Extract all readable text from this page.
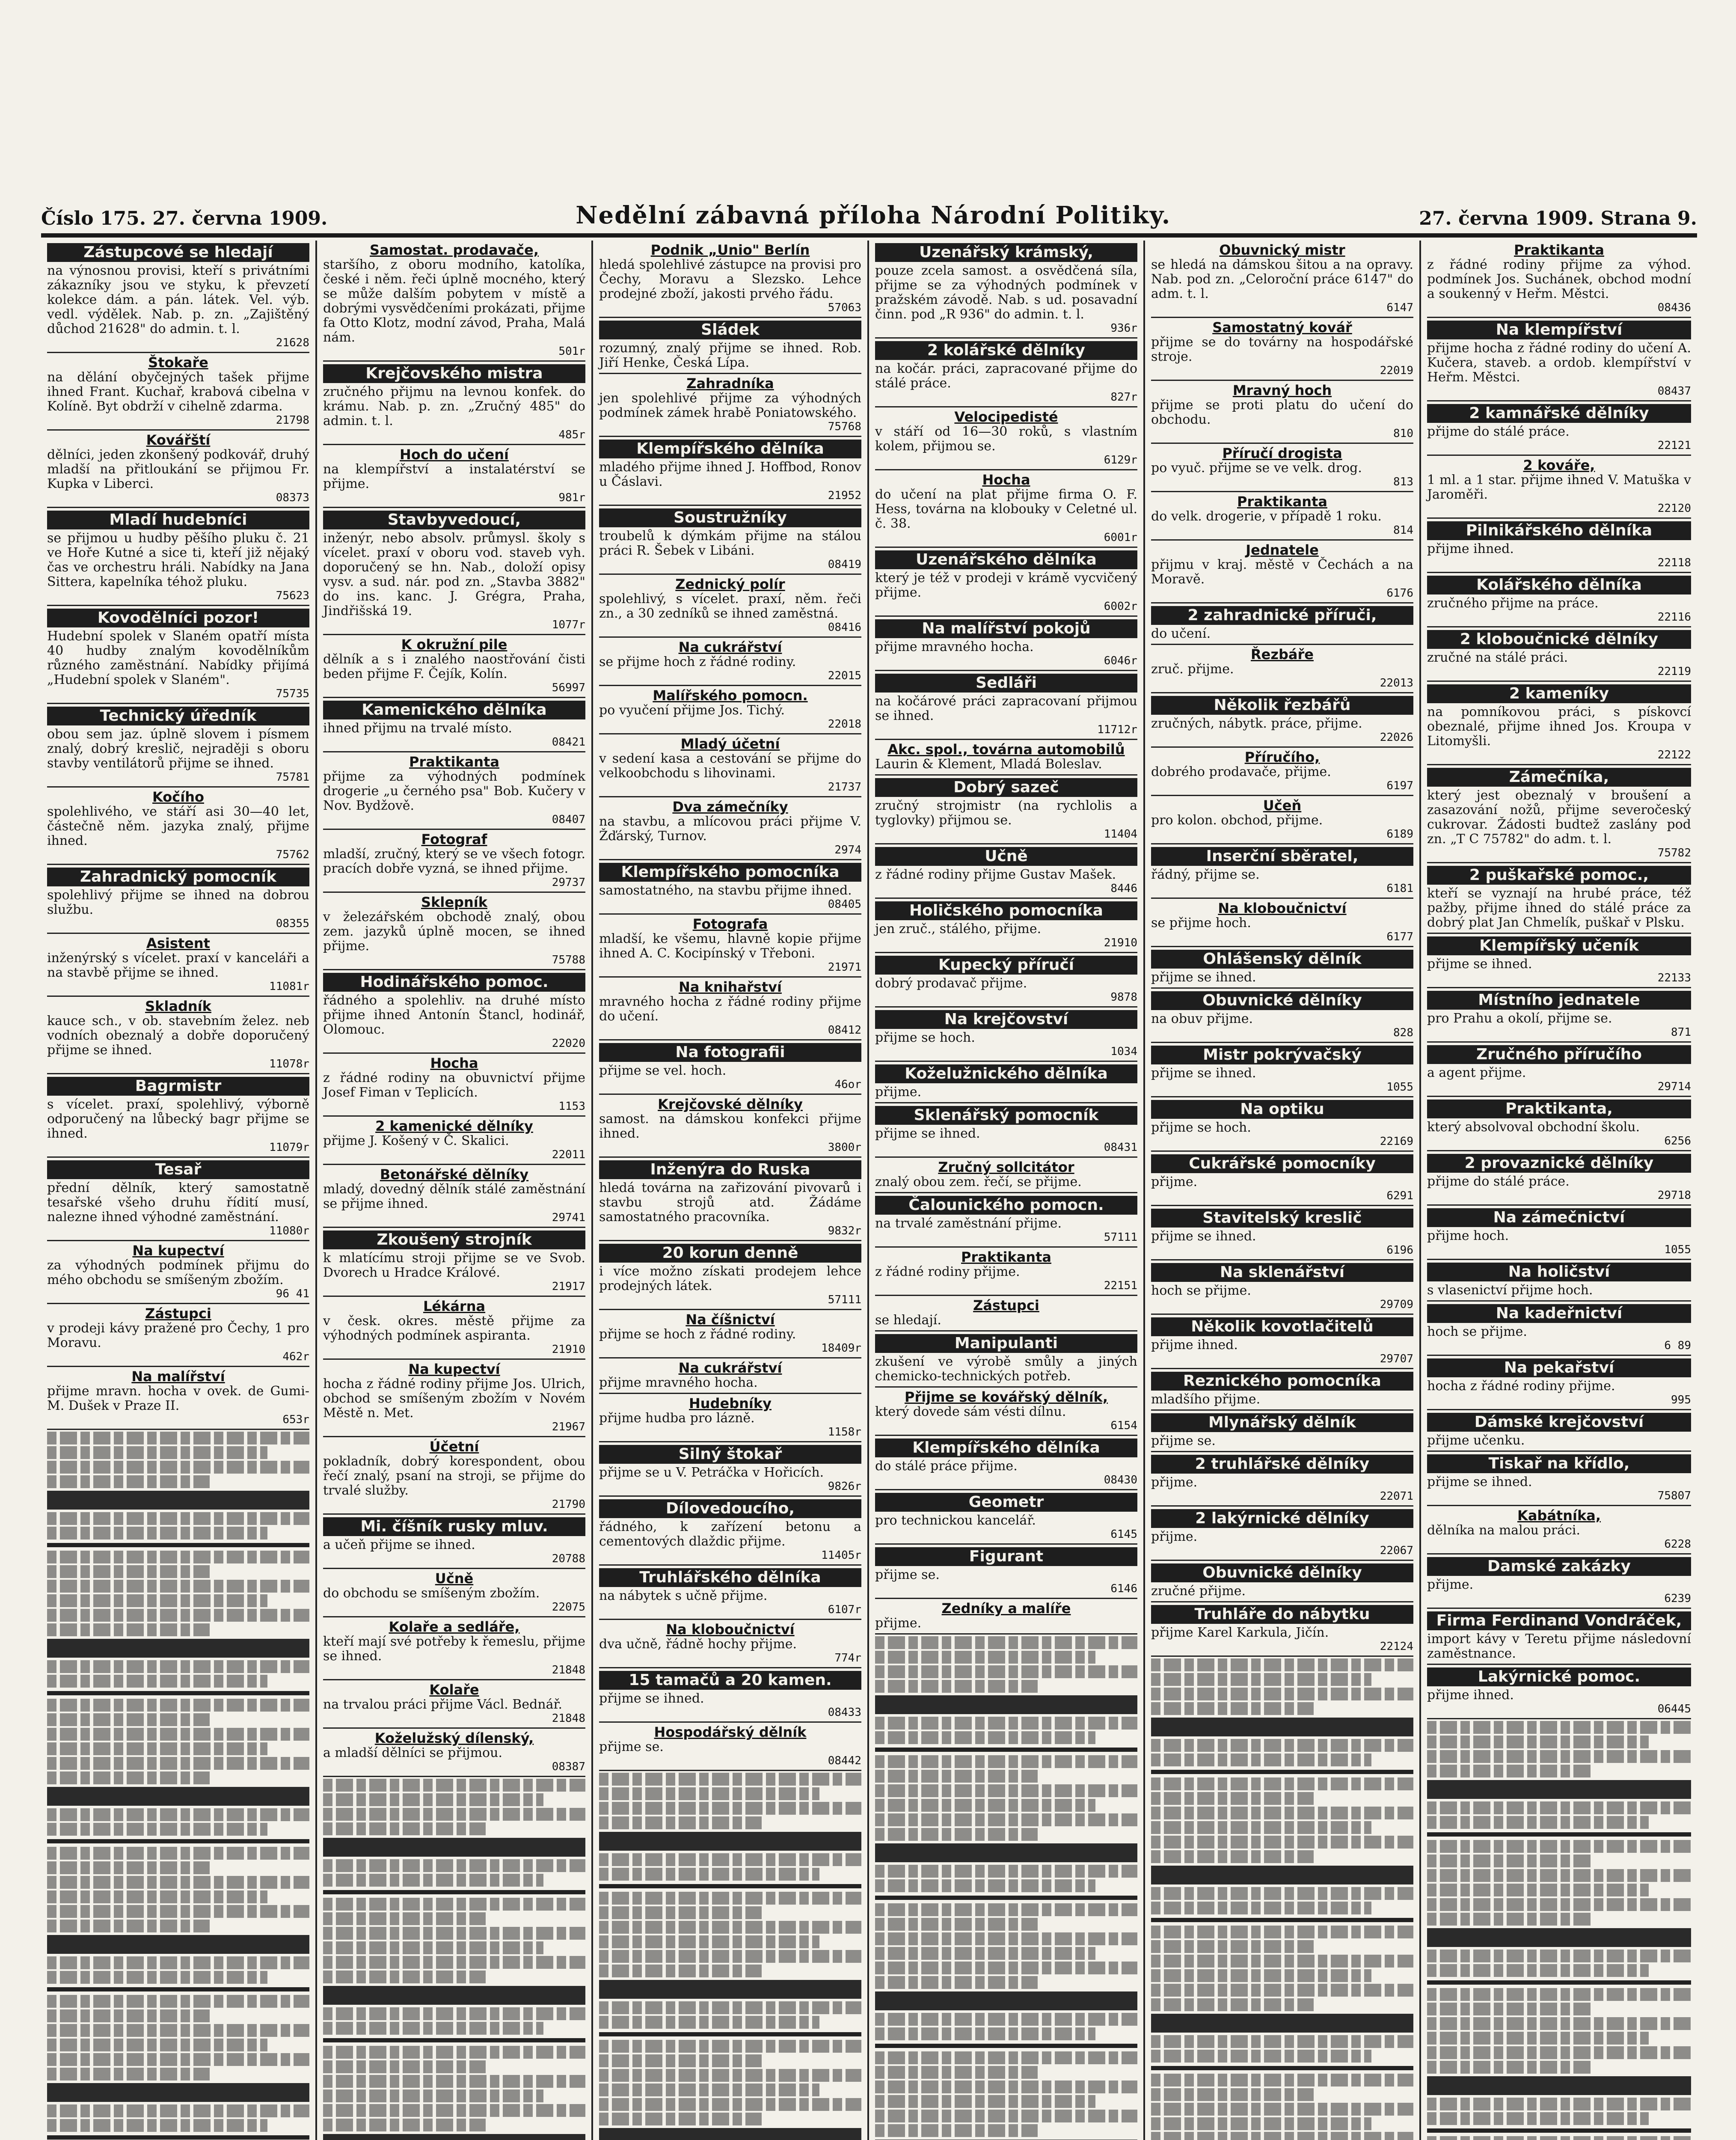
Číslo 175. 27. června 1909.	Nedělní zábavná příloha Národní Politiky.	27. června 1909. Strana 9.
Zástupcové se hledají
na výnosnou provisi, kteří s privátními zákazníky jsou ve styku, k převzetí kolekce dám. a pán. látek. Vel. výb. vedl. výdělek. Nab. p. zn. „Zajištěný důchod 21628" do admin. t. l.
21628
Štokaře
na dělání obyčejných tašek přijme ihned Frant. Kuchař, krabová cibelna v Kolíně. Byt obdrží v cihelně zdarma.
21798
Kovářští
dělníci, jeden zkonšený podkovář, druhý mladší na přitloukání se přijmou Fr. Kupka v Liberci.
08373
Mladí hudebníci
se přijmou u hudby pěšího pluku č. 21 ve Hoře Kutné a sice ti, kteří již nějaký čas ve orchestru hráli. Nabídky na Jana Sittera, kapelníka téhož pluku.
75623
Kovodělníci pozor!
Hudební spolek v Slaném opatří místa 40 hudby znalým kovodělníkům různého zaměstnání. Nabídky přijímá „Hudební spolek v Slaném".
75735
Technický úředník
obou sem jaz. úplně slovem i písmem znalý, dobrý kreslič, nejraději s oboru stavby ventilátorů přijme se ihned.
75781
Kočího
spolehlivého, ve stáří asi 30—40 let, částečně něm. jazyka znalý, přijme ihned.
75762
Zahradnický pomocník
spolehlivý přijme se ihned na dobrou službu.
08355
Asistent
inženýrský s vícelet. praxí v kanceláři a na stavbě přijme se ihned.
11081r
Skladník
kauce sch., v ob. stavebním želez. neb vodních obeznalý a dobře doporučený přijme se ihned.
11078r
Bagrmistr
s vícelet. praxí, spolehlivý, výborně odporučený na lůbecký bagr přijme se ihned.
11079r
Tesař
přední dělník, který samostatně tesařské všeho druhu řídití musí, nalezne ihned výhodné zaměstnání.
11080r
Na kupectví
za výhodných podmínek přijmu do mého obchodu se smíšeným zbožím.
96 41
Zástupci
v prodeji kávy pražené pro Čechy, 1 pro Moravu.
462r
Na malířství
přijme mravn. hocha v ovek. de Gumi-M. Dušek v Praze II.
653r
Samostat. prodavače,
staršího, z oboru modního, katolíka, české i něm. řeči úplně mocného, který se může dalším pobytem v místě a dobrými vysvědčeními prokázati, přijme fa Otto Klotz, modní závod, Praha, Malá nám.
501r
Krejčovského mistra
zručného přijmu na levnou konfek. do krámu. Nab. p. zn. „Zručný 485" do admin. t. l.
485r
Hoch do učení
na klempířství a instalatérství se přijme.
981r
Stavbyvedoucí,
inženýr, nebo absolv. průmysl. školy s vícelet. praxí v oboru vod. staveb vyh. doporučený se hn. Nab., doloží opisy vysv. a sud. nár. pod zn. „Stavba 3882" do ins. kanc. J. Grégra, Praha, Jindřišská 19.
1077r
K okružní pile
dělník a s i znalého naostřování čisti beden přijme F. Čejík, Kolín.
56997
Kamenického dělníka
ihned přijmu na trvalé místo.
08421
Praktikanta
přijme za výhodných podmínek drogerie „u černého psa" Bob. Kučery v Nov. Bydžově.
08407
Fotograf
mladší, zručný, který se ve všech fotogr. pracích dobře vyzná, se ihned přijme.
29737
Sklepník
v železářském obchodě znalý, obou zem. jazyků úplně mocen, se ihned přijme.
75788
Hodinářského pomoc.
řádného a spolehliv. na druhé místo přijme ihned Antonín Štancl, hodinář, Olomouc.
22020
Hocha
z řádné rodiny na obuvnictví přijme Josef Fiman v Teplicích.
1153
2 kamenické dělníky
přijme J. Košený v Č. Skalici.
22011
Betonářské dělníky
mladý, dovedný dělník stálé zaměstnání se přijme ihned.
29741
Zkoušený strojník
k mlatícímu stroji přijme se ve Svob. Dvorech u Hradce Králové.
21917
Lékárna
v česk. okres. městě přijme za výhodných podmínek aspiranta.
21910
Na kupectví
hocha z řádné rodiny přijme Jos. Ulrich, obchod se smíšeným zbožím v Novém Městě n. Met.
21967
Účetní
pokladník, dobrý korespondent, obou řečí znalý, psaní na stroji, se přijme do trvalé služby.
21790
Mi. číšník rusky mluv.
a učeň přijme se ihned.
20788
Učně
do obchodu se smíšeným zbožím.
22075
Kolaře a sedláře,
kteří mají své potřeby k řemeslu, přijme se ihned.
21848
Kolaře
na trvalou práci přijme Václ. Bednář.
21848
Koželužský dílenský,
a mladší dělníci se přijmou.
08387
Podnik „Unio" Berlín
hledá spolehlivé zástupce na provisi pro Čechy, Moravu a Slezsko. Lehce prodejné zboží, jakosti prvého řádu.
57063
Sládek
rozumný, znalý přijme se ihned. Rob. Jiří Henke, Česká Lípa.
Zahradníka
jen spolehlivé přijme za výhodných podmínek zámek hrabě Poniatowského.
75768
Klempířského dělníka
mladého přijme ihned J. Hoffbod, Ronov u Čáslavi.
21952
Soustružníky
troubelů k dýmkám přijme na stálou práci R. Šebek v Libáni.
08419
Zednický polír
spolehlivý, s vícelet. praxí, něm. řeči zn., a 30 zedníků se ihned zaměstná.
08416
Na cukrářství
se přijme hoch z řádné rodiny.
22015
Malířského pomocn.
po vyučení přijme Jos. Tichý.
22018
Mladý účetní
v sedení kasa a cestování se přijme do velkoobchodu s lihovinami.
21737
Dva zámečníky
na stavbu, a mlícovou práci přijme V. Žďárský, Turnov.
2974
Klempířského pomocníka
samostatného, na stavbu přijme ihned.
08405
Fotografa
mladší, ke všemu, hlavně kopie přijme ihned A. C. Kocipínský v Třeboni.
21971
Na knihařství
mravného hocha z řádné rodiny přijme do učení.
08412
Na fotografii
přijme se vel. hoch.
46or
Krejčovské dělníky
samost. na dámskou konfekci přijme ihned.
3800r
Inženýra do Ruska
hledá továrna na zařizování pivovarů i stavbu strojů atd. Žádáme samostatného pracovníka.
9832r
20 korun denně
i více možno získati prodejem lehce prodejných látek.
57111
Na číšnictví
přijme se hoch z řádné rodiny.
18409r
Na cukrářství
přijme mravného hocha.
Hudebníky
přijme hudba pro lázně.
1158r
Silný štokař
přijme se u V. Petráčka v Hořicích.
9826r
Dílovedoucího,
řádného, k zařízení betonu a cementových dlaždic přijme.
11405r
Truhlářského dělníka
na nábytek s učně přijme.
6107r
Na kloboučnictví
dva učně, řádně hochy přijme.
774r
15 tamačů a 20 kamen.
přijme se ihned.
08433
Hospodářský dělník
přijme se.
08442
Uzenářský krámský,
pouze zcela samost. a osvědčená síla, přijme se za výhodných podmínek v pražském závodě. Nab. s ud. posavadní činn. pod „R 936" do admin. t. l.
936r
2 kolářské dělníky
na kočár. práci, zapracované přijme do stálé práce.
827r
Velocipedisté
v stáří od 16—30 roků, s vlastním kolem, přijmou se.
6129r
Hocha
do učení na plat přijme firma O. F. Hess, továrna na klobouky v Celetné ul. č. 38.
6001r
Uzenářského dělníka
který je též v prodeji v krámě vycvičený přijme.
6002r
Na malířství pokojů
přijme mravného hocha.
6046r
Sedláři
na kočárové práci zapracovaní přijmou se ihned.
11712r
Akc. spol., továrna automobilů
Laurin & Klement, Mladá Boleslav.
Dobrý sazeč
zručný strojmistr (na rychlolis a tyglovky) přijmou se.
11404
Učně
z řádné rodiny přijme Gustav Mašek.
8446
Holičského pomocníka
jen zruč., stálého, přijme.
21910
Kupecký příručí
dobrý prodavač přijme.
9878
Na krejčovství
přijme se hoch.
1034
Koželužnického dělníka
přijme.
Sklenářský pomocník
přijme se ihned.
08431
Zručný sollcitátor
znalý obou zem. řečí, se přijme.
Čalounického pomocn.
na trvalé zaměstnání přijme.
57111
Praktikanta
z řádné rodiny přijme.
22151
Zástupci
se hledají.
Manipulanti
zkušení ve výrobě smůly a jiných chemicko-technických potřeb.
Přijme se kovářský dělník,
který dovede sám vésti dílnu.
6154
Klempířského dělníka
do stálé práce přijme.
08430
Geometr
pro technickou kancelář.
6145
Figurant
přijme se.
6146
Zedníky a malíře
přijme.
Obuvnický mistr
se hledá na dámskou šitou a na opravy. Nab. pod zn. „Celoroční práce 6147" do adm. t. l.
6147
Samostatný kovář
přijme se do továrny na hospodářské stroje.
22019
Mravný hoch
přijme se proti platu do učení do obchodu.
810
Příručí drogista
po vyuč. přijme se ve velk. drog.
813
Praktikanta
do velk. drogerie, v případě 1 roku.
814
Jednatele
přijmu v kraj. městě v Čechách a na Moravě.
6176
2 zahradnické příruči,
do učení.
Řezbáře
zruč. přijme.
22013
Několik řezbářů
zručných, nábytk. práce, přijme.
22026
Příručího,
dobrého prodavače, přijme.
6197
Učeň
pro kolon. obchod, přijme.
6189
Inserční sběratel,
řádný, přijme se.
6181
Na kloboučnictví
se přijme hoch.
6177
Ohlášenský dělník
přijme se ihned.
Obuvnické dělníky
na obuv přijme.
828
Mistr pokrývačský
přijme se ihned.
1055
Na optiku
přijme se hoch.
22169
Cukrářské pomocníky
přijme.
6291
Stavitelský kreslič
přijme se ihned.
6196
Na sklenářství
hoch se přijme.
29709
Několik kovotlačitelů
přijme ihned.
29707
Reznického pomocníka
mladšího přijme.
Mlynářský dělník
přijme se.
2 truhlářské dělníky
přijme.
22071
2 lakýrnické dělníky
přijme.
22067
Obuvnické dělníky
zručné přijme.
Truhláře do nábytku
přijme Karel Karkula, Jičín.
22124
Praktikanta
z řádné rodiny přijme za výhod. podmínek Jos. Suchánek, obchod modní a soukenný v Heřm. Městci.
08436
Na klempířství
přijme hocha z řádné rodiny do učení A. Kučera, staveb. a ordob. klempířství v Heřm. Městci.
08437
2 kamnářské dělníky
přijme do stálé práce.
22121
2 kováře,
1 ml. a 1 star. přijme ihned V. Matuška v Jaroměři.
22120
Pilnikářského dělníka
přijme ihned.
22118
Kolářského dělníka
zručného přijme na práce.
22116
2 kloboučnické dělníky
zručné na stálé práci.
22119
2 kameníky
na pomníkovou práci, s pískovcí obeznalé, přijme ihned Jos. Kroupa v Litomyšli.
22122
Zámečníka,
který jest obeznalý v broušení a zasazování nožů, přijme severočeský cukrovar. Žádosti budtež zaslány pod zn. „T C 75782" do adm. t. l.
75782
2 puškařské pomoc.,
kteří se vyznají na hrubé práce, též pažby, přijme ihned do stálé práce za dobrý plat Jan Chmelík, puškař v Plsku.
Klempířský učeník
přijme se ihned.
22133
Místního jednatele
pro Prahu a okolí, přijme se.
871
Zručného příručího
a agent přijme.
29714
Praktikanta,
který absolvoval obchodní školu.
6256
2 provaznické dělníky
přijme do stálé práce.
29718
Na zámečnictví
přijme hoch.
1055
Na holičství
s vlasenictví přijme hoch.
Na kadeřnictví
hoch se přijme.
6 89
Na pekařství
hocha z řádné rodiny přijme.
995
Dámské krejčovství
přijme učenku.
Tiskař na křídlo,
přijme se ihned.
75807
Kabátníka,
dělníka na malou práci.
6228
Damské zakázky
přijme.
6239
Firma Ferdinand Vondráček,
import kávy v Teretu přijme následovní zaměstnance.
Lakýrnické pomoc.
přijme ihned.
06445
